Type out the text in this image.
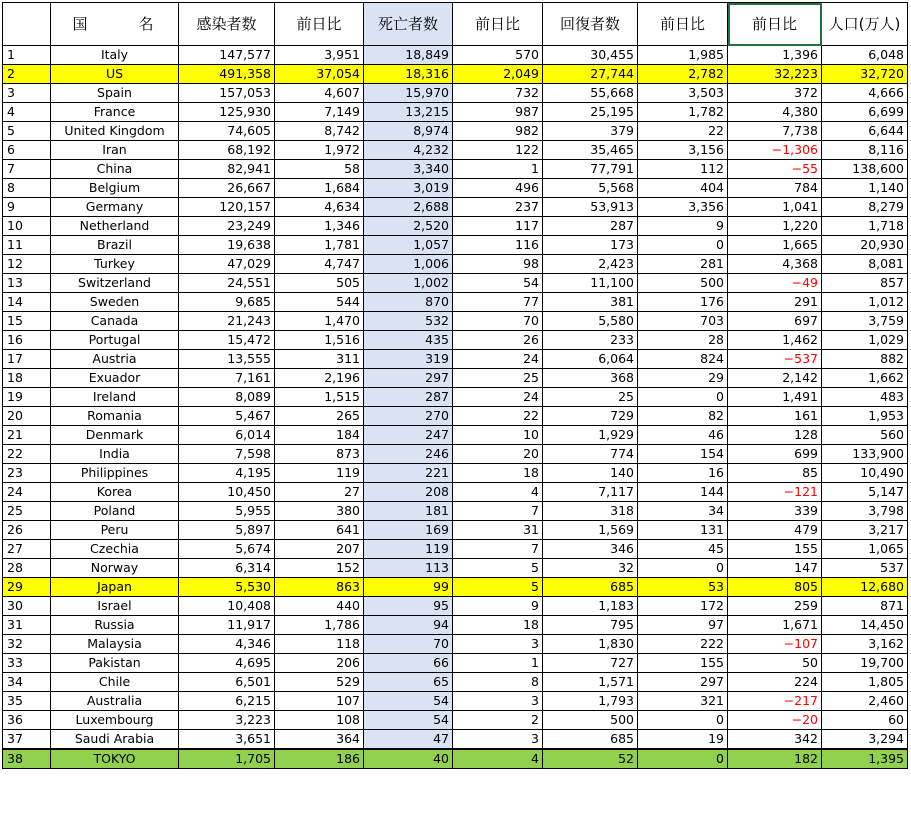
	国　名	感染者数	前日比	死亡者数	前日比	回復者数	前日比	前日比	人口(万人)
1	Italy	147,577	3,951	18,849	570	30,455	1,985	1,396	6,048
2	US	491,358	37,054	18,316	2,049	27,744	2,782	32,223	32,720
3	Spain	157,053	4,607	15,970	732	55,668	3,503	372	4,666
4	France	125,930	7,149	13,215	987	25,195	1,782	4,380	6,699
5	United Kingdom	74,605	8,742	8,974	982	379	22	7,738	6,644
6	Iran	68,192	1,972	4,232	122	35,465	3,156	−1,306	8,116
7	China	82,941	58	3,340	1	77,791	112	−55	138,600
8	Belgium	26,667	1,684	3,019	496	5,568	404	784	1,140
9	Germany	120,157	4,634	2,688	237	53,913	3,356	1,041	8,279
10	Netherland	23,249	1,346	2,520	117	287	9	1,220	1,718
11	Brazil	19,638	1,781	1,057	116	173	0	1,665	20,930
12	Turkey	47,029	4,747	1,006	98	2,423	281	4,368	8,081
13	Switzerland	24,551	505	1,002	54	11,100	500	−49	857
14	Sweden	9,685	544	870	77	381	176	291	1,012
15	Canada	21,243	1,470	532	70	5,580	703	697	3,759
16	Portugal	15,472	1,516	435	26	233	28	1,462	1,029
17	Austria	13,555	311	319	24	6,064	824	−537	882
18	Exuador	7,161	2,196	297	25	368	29	2,142	1,662
19	Ireland	8,089	1,515	287	24	25	0	1,491	483
20	Romania	5,467	265	270	22	729	82	161	1,953
21	Denmark	6,014	184	247	10	1,929	46	128	560
22	India	7,598	873	246	20	774	154	699	133,900
23	Philippines	4,195	119	221	18	140	16	85	10,490
24	Korea	10,450	27	208	4	7,117	144	−121	5,147
25	Poland	5,955	380	181	7	318	34	339	3,798
26	Peru	5,897	641	169	31	1,569	131	479	3,217
27	Czechia	5,674	207	119	7	346	45	155	1,065
28	Norway	6,314	152	113	5	32	0	147	537
29	Japan	5,530	863	99	5	685	53	805	12,680
30	Israel	10,408	440	95	9	1,183	172	259	871
31	Russia	11,917	1,786	94	18	795	97	1,671	14,450
32	Malaysia	4,346	118	70	3	1,830	222	−107	3,162
33	Pakistan	4,695	206	66	1	727	155	50	19,700
34	Chile	6,501	529	65	8	1,571	297	224	1,805
35	Australia	6,215	107	54	3	1,793	321	−217	2,460
36	Luxembourg	3,223	108	54	2	500	0	−20	60
37	Saudi Arabia	3,651	364	47	3	685	19	342	3,294
38	TOKYO	1,705	186	40	4	52	0	182	1,395
